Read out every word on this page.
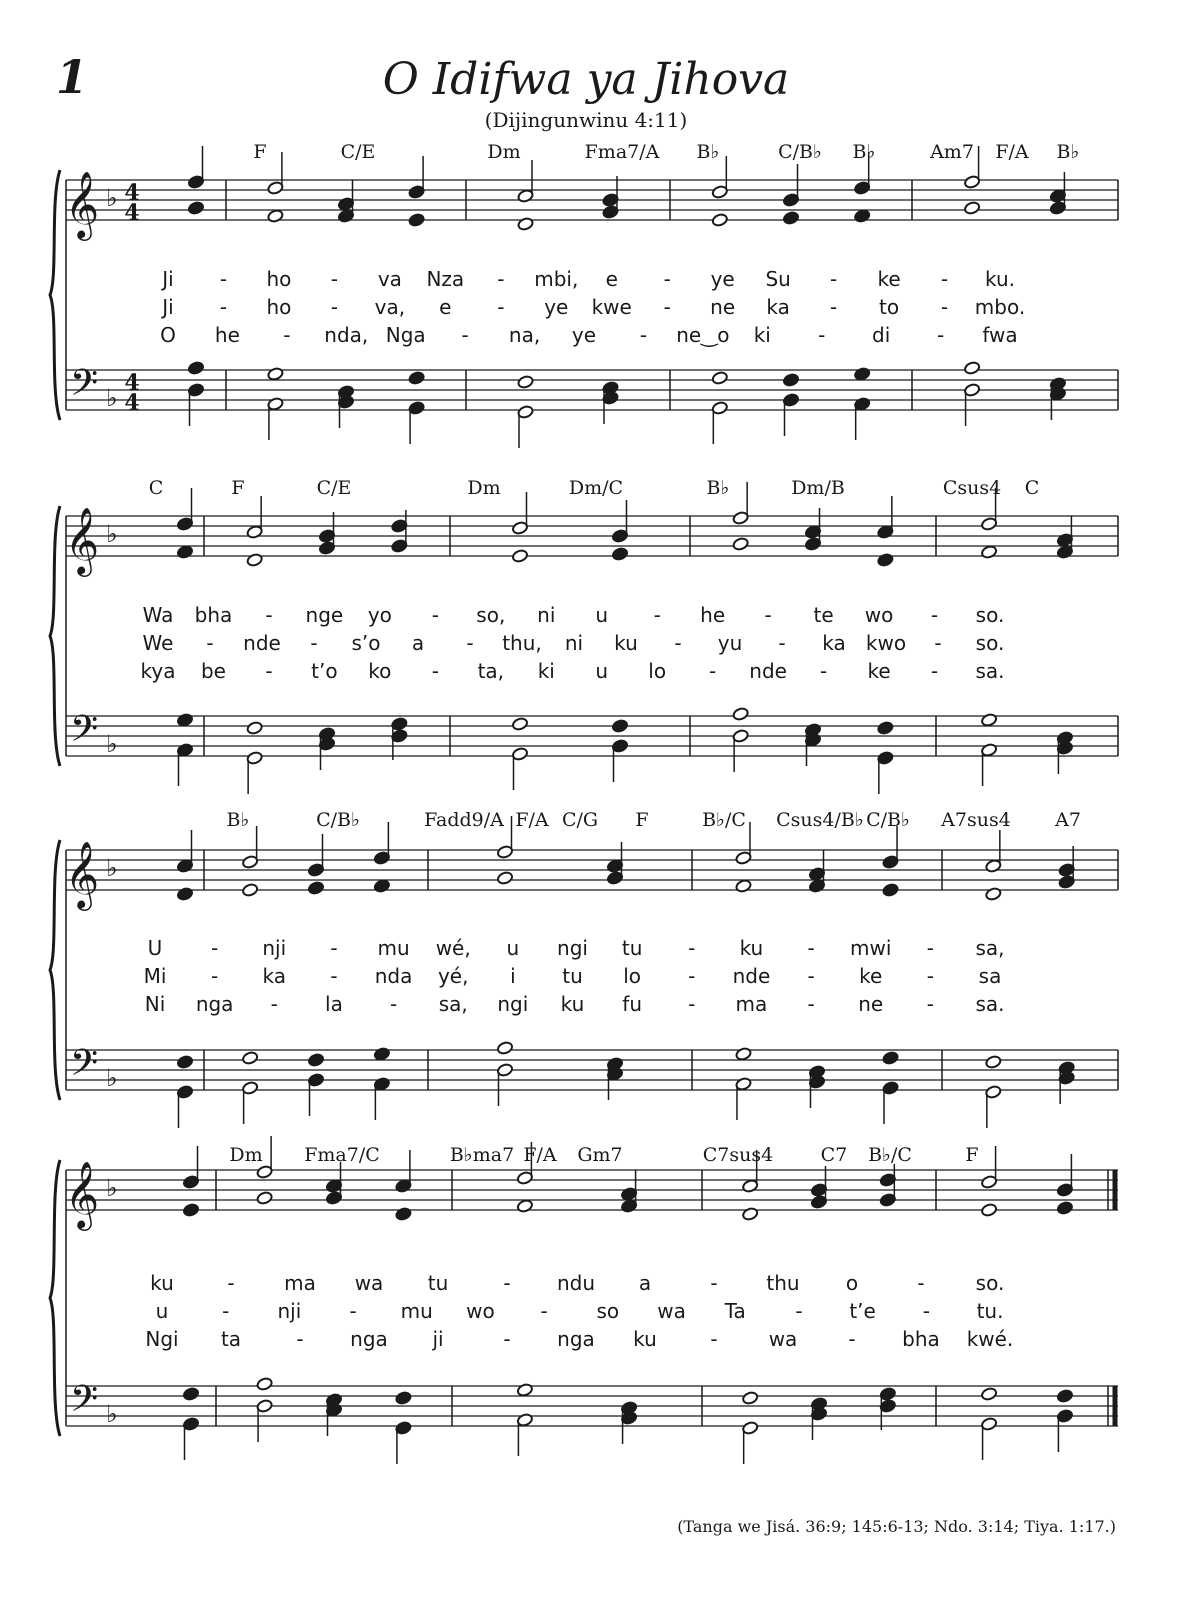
1	O Idifwa ya Jihova
(Dijingunwinu 4:11)
𝄞
𝄢
♭
♭
4
4
4
4
F	C/E	Dm	Fma7/A B♭	C/B♭ B♭	Am7 F/A B♭
Ji - ho - va Nza - mbi, e - ye Su - ke - ku.
Ji - ho - va, e - ye kwe - ne ka - to - mbo.
O he - nda, Nga - na, ye - ne‿o ki - di - fwa
𝄞
𝄢
♭
♭
C	F	C/E	Dm	Dm/C	B♭	Dm/B	Csus4 C
Wa bha - nge yo - so, ni u - he - te wo - so.
We - nde - s’o a - thu, ni ku - yu - ka kwo - so.
kya be - t’o ko - ta, ki u lo - nde - ke - sa.
𝄞
𝄢
♭
♭
B♭	C/B♭	Fadd9/A F/A C/G F	B♭/C Csus4/B♭ C/B♭ A7sus4 A7
U - nji - mu wé, u ngi tu - ku - mwi - sa,
Mi - ka - nda yé, i tu lo - nde - ke - sa
Ni nga - la - sa, ngi ku fu - ma - ne - sa.
𝄞
𝄢
♭
♭
Dm Fma7/C	B♭ma7 F/A Gm7	C7sus4 C7 B♭/C	F
ku	- ma wa tu	- ndu a	- thu o	-	so.
u	- nji - mu wo - so wa Ta - t’e - tu.
Ngi ta	- nga ji	- nga ku	-	wa	- bha kwé.
(Tanga we Jisá. 36:9; 145:6-13; Ndo. 3:14; Tiya. 1:17.)
